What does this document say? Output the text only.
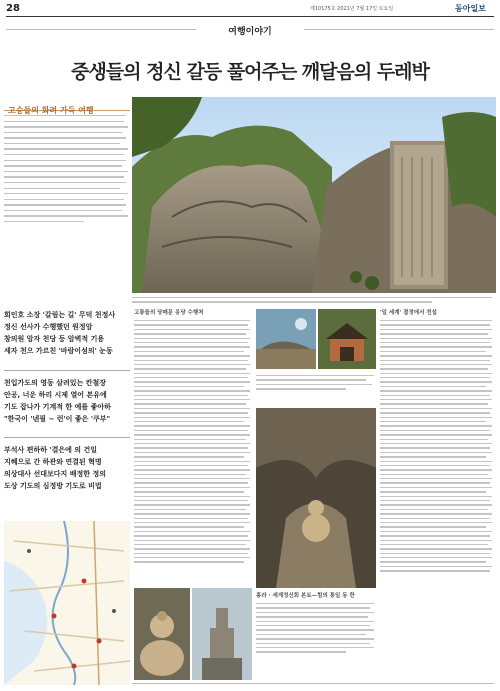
28	제10175호 2021년 7월 17일 토요일	동아일보
여행이야기
중생들의 정신 갈등 풀어주는 깨달음의 두레박
고승들의 화려 가득 여행
회인호 소장 '갈림는 길' 무덕 천정사
정신 선사가 수행했던 원정암
창의원 암자 천당 등 암벽적 기용
세자 천으 가르친 '바람이섬의' 눈동
천입가도의 영동 살려있는 칸철장
안공, 너운 하리 시제 열어 본유에
기도 잡나가 기계적 한 예를 좋아하
"한국이 '넨필 ~ 런'이 좋은 '쿠부"
부석사 편하하 '결은에 의 건일
지혜으로 간 하관와 연결된 혁명
의상대사 선대보다지 배정한 정의
도상 기도의 심정방 기도로 비법
고통들의 당매문 옹당 수행처	'일 세계' 결정에서 전설
홍라 · 세계정신회 본토—힘의 통일 동 한
